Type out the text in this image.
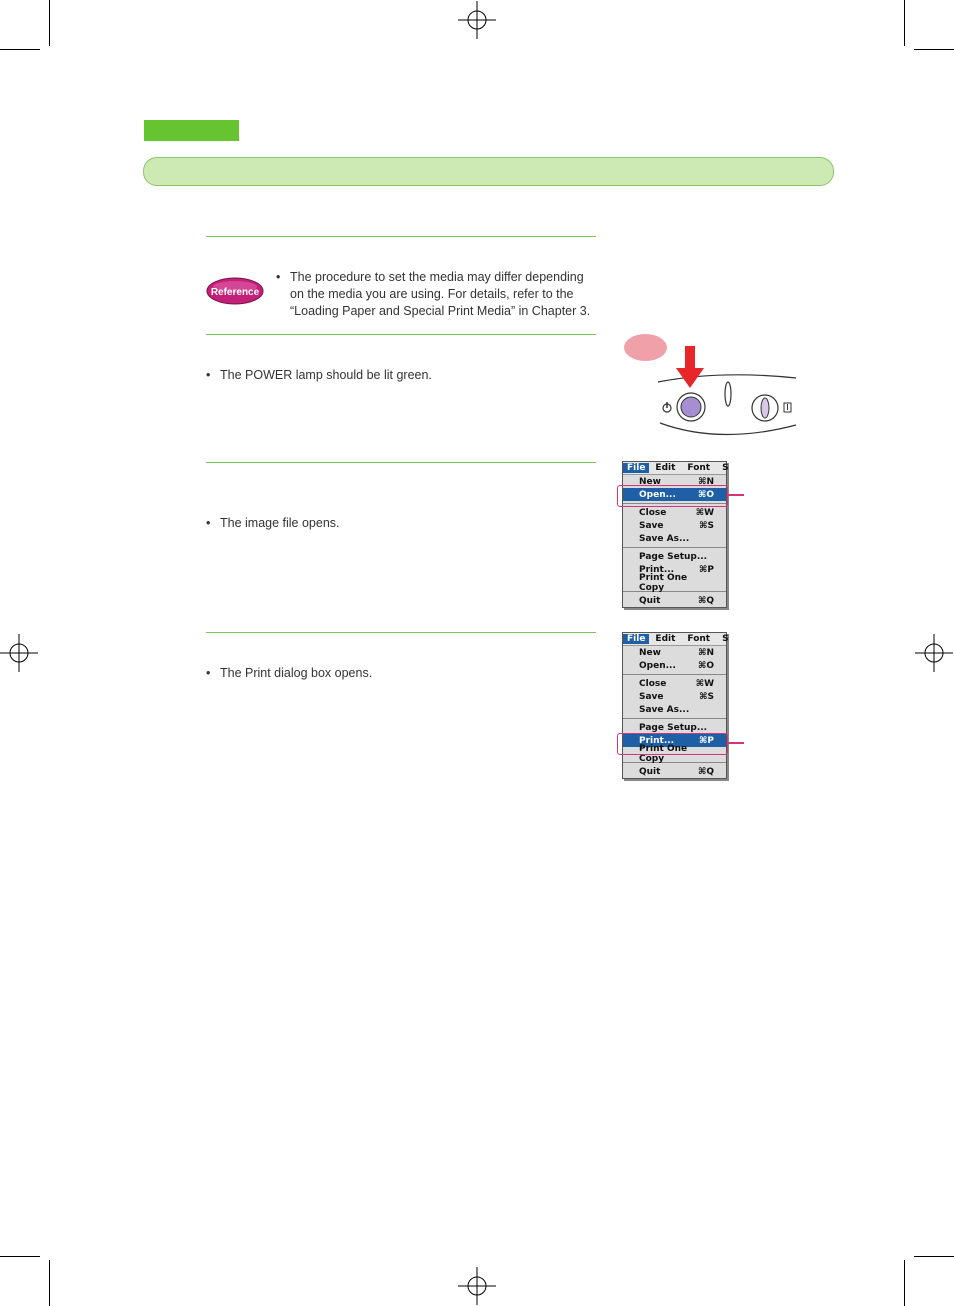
Reference
• The procedure to set the media may differ depending on the media you are using. For details, refer to the “Loading Paper and Special Print Media” in Chapter 3.
• The POWER lamp should be lit green.
• The image file opens.
File	Edit	Font	S
New	⌘N
Open... ⌘O
Close	⌘W
Save	⌘S
Save As...
Page Setup...
Print...	⌘P
Print One Copy
Quit	⌘Q
• The Print dialog box opens.
File	Edit	Font	S
New	⌘N
Open... ⌘O
Close	⌘W
Save	⌘S
Save As...
Page Setup...
Print...	⌘P
Print One Copy
Quit	⌘Q
